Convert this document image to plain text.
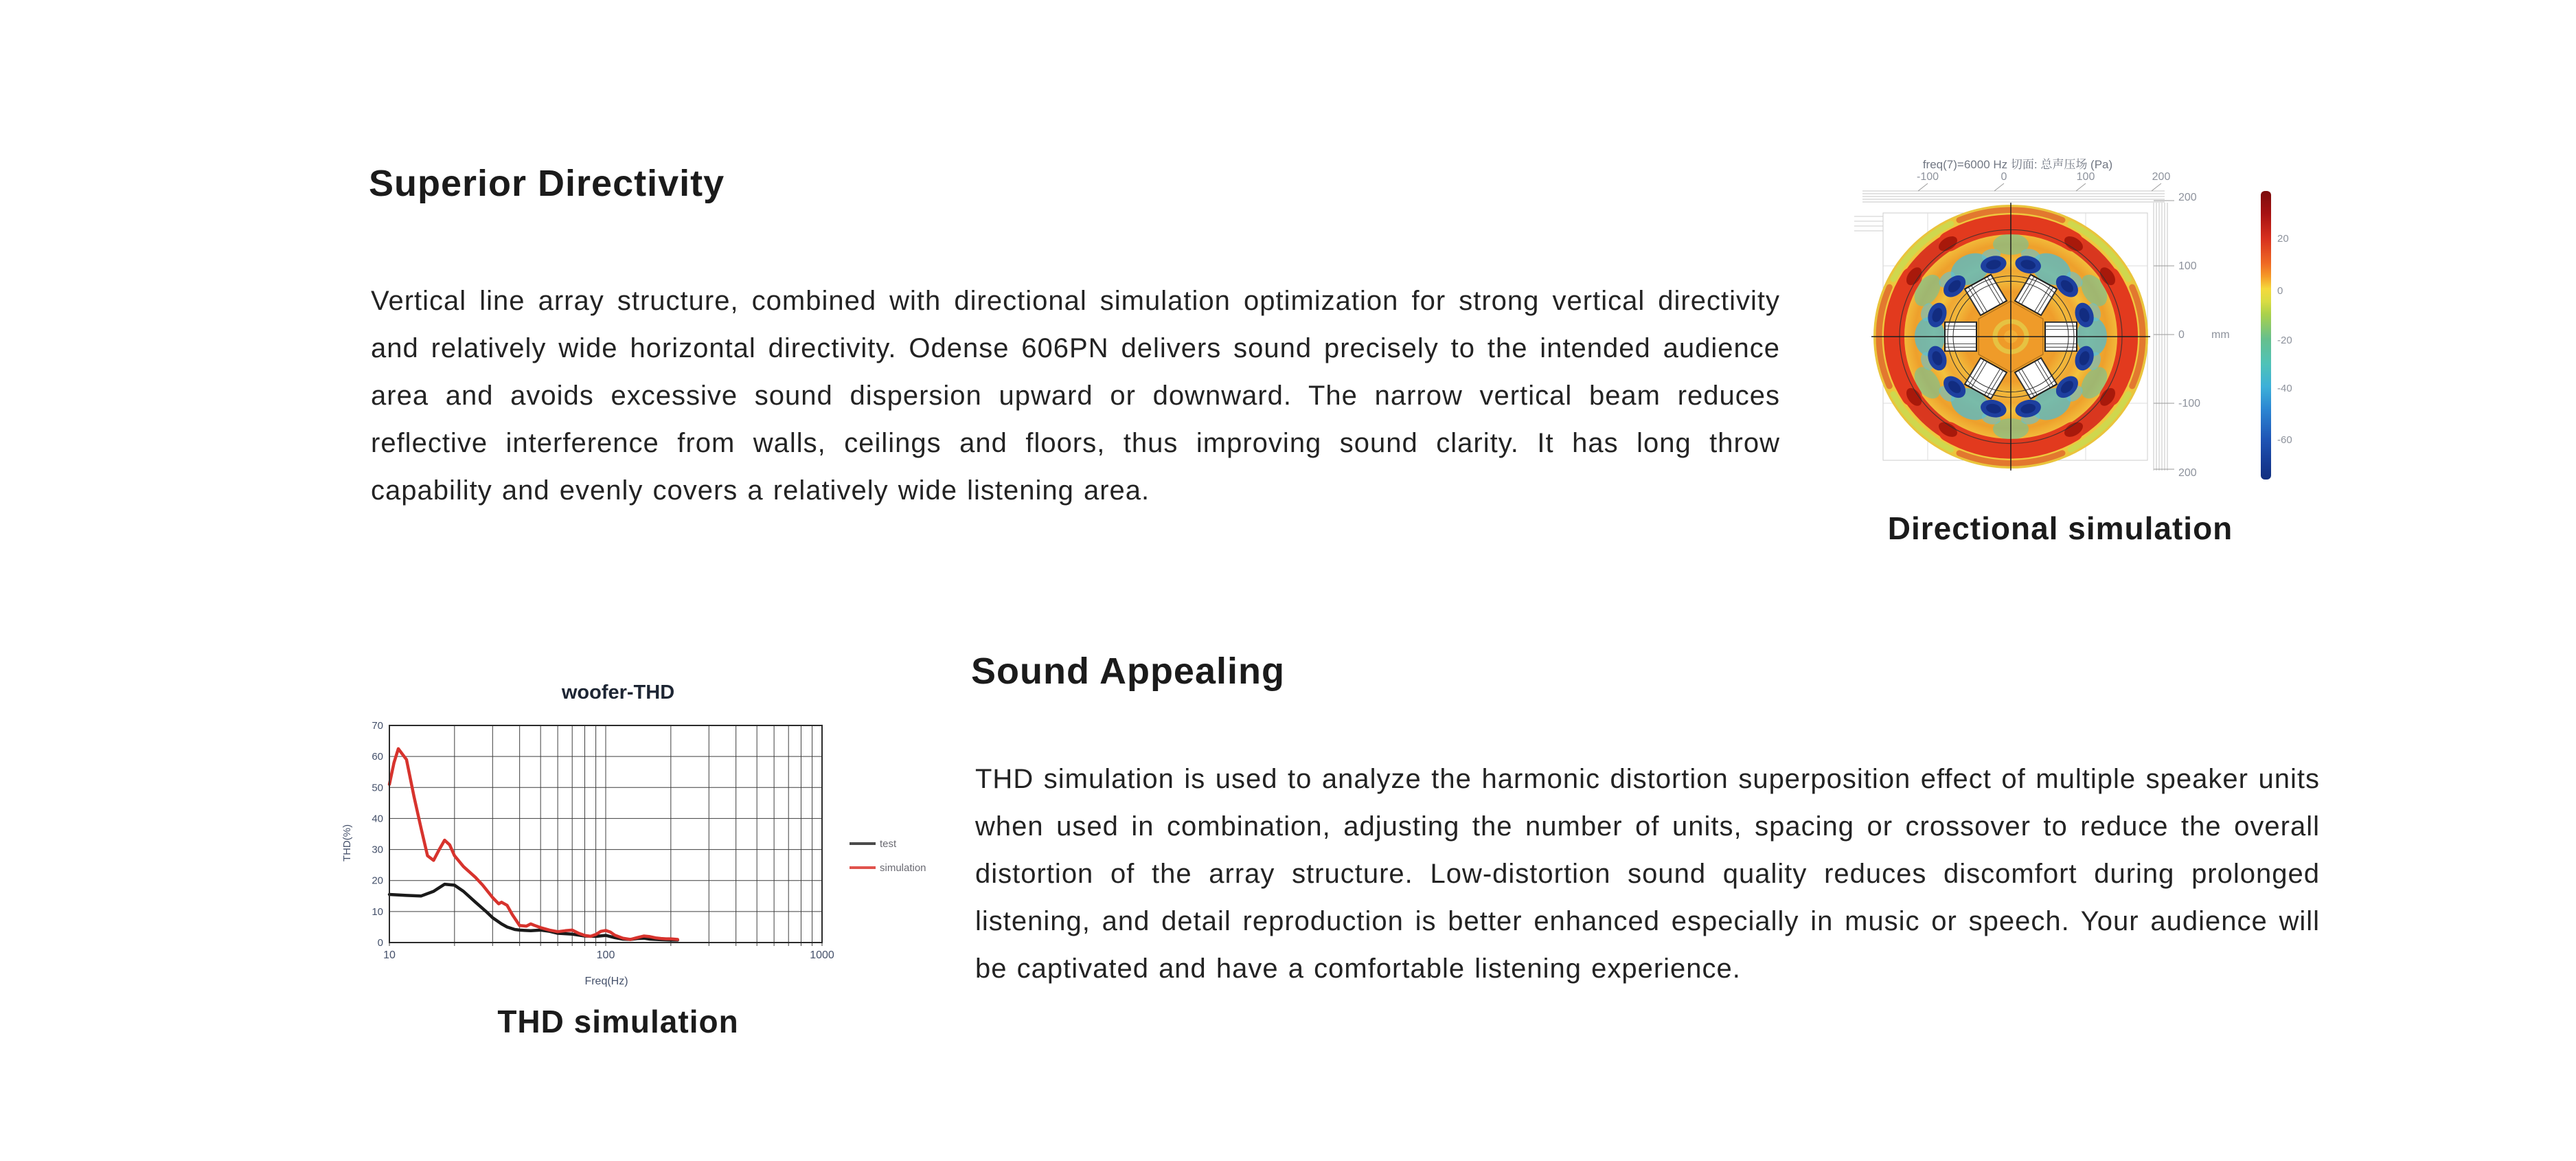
Superior Directivity
Vertical line array structure, combined with directional simulation optimization for strong vertical directivity and relatively wide horizontal directivity. Odense 606PN delivers sound precisely to the intended audience area and avoids excessive sound dispersion upward or downward. The narrow vertical beam reduces reflective interference from walls, ceilings and floors, thus improving sound clarity. It has long throw capability and evenly covers a relatively wide listening area.
freq(7)=6000 Hz 切面: 总声压场 (Pa)
-100	0	100	200
200
100
0
-100
200
mm
20
0
-20
-40
-60
Directional simulation
Sound Appealing
THD simulation is used to analyze the harmonic distortion superposition effect of multiple speaker units when used in combination, adjusting the number of units, spacing or crossover to reduce the overall distortion of the array structure. Low-distortion sound quality reduces discomfort during prolonged listening, and detail reproduction is better enhanced especially in music or speech. Your audience will be captivated and have a comfortable listening experience.
woofer-THD
0
10
20
30
40
50
60
70
10	100	1000
THD(%)
Freq(Hz)
test
simulation
THD simulation
